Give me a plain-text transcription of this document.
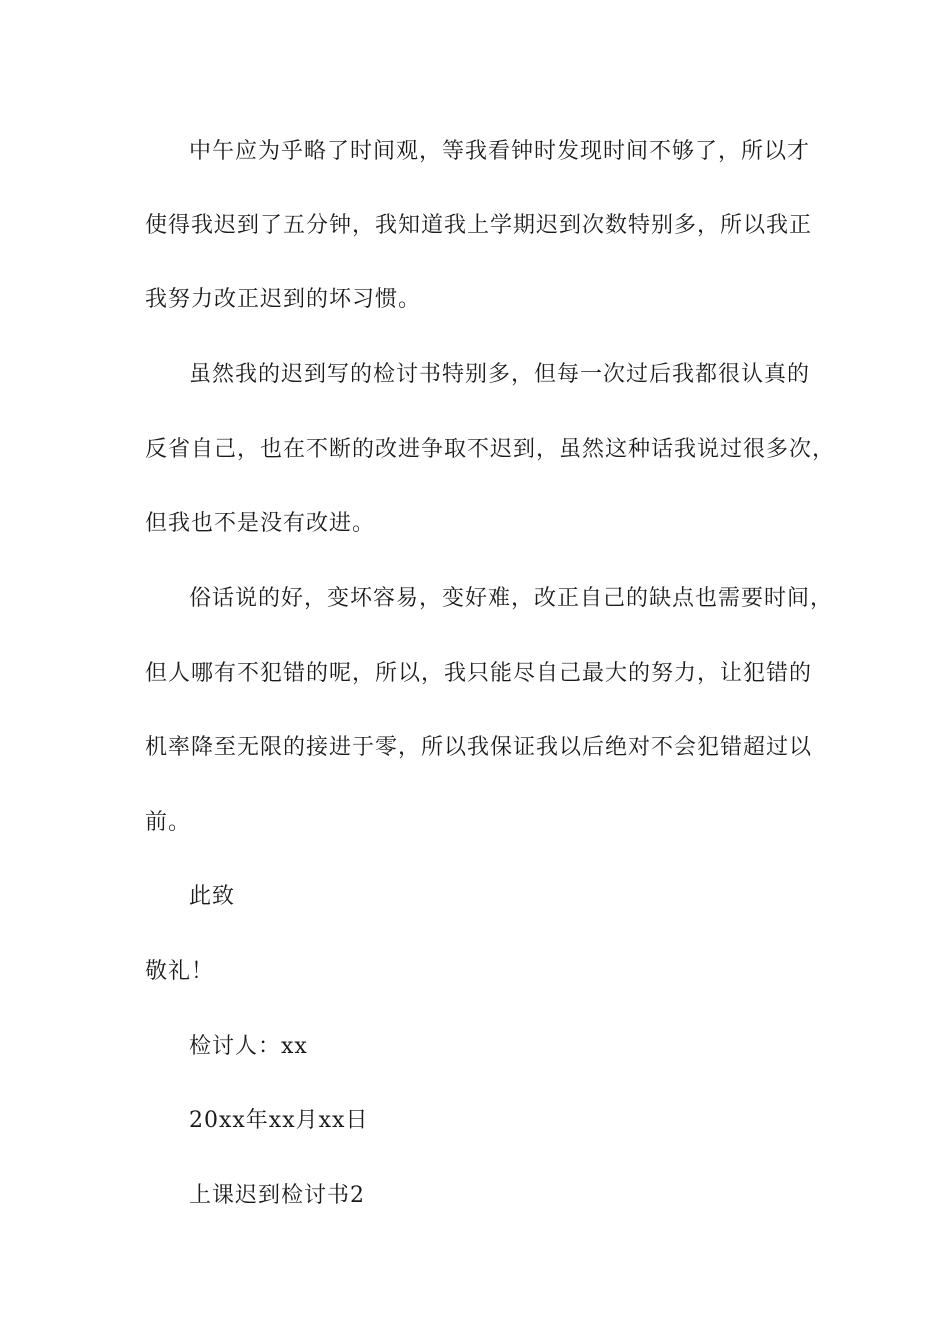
中午应为乎略了时间观，等我看钟时发现时间不够了，所以才
使得我迟到了五分钟，我知道我上学期迟到次数特别多，所以我正
我努力改正迟到的坏习惯。
虽然我的迟到写的检讨书特别多，但每一次过后我都很认真的
反省自己，也在不断的改进争取不迟到，虽然这种话我说过很多次，
但我也不是没有改进。
俗话说的好，变坏容易，变好难，改正自己的缺点也需要时间，
但人哪有不犯错的呢，所以，我只能尽自己最大的努力，让犯错的
机率降至无限的接进于零，所以我保证我以后绝对不会犯错超过以
前。
此致
敬礼！
检讨人：xx
20xx年xx月xx日
上课迟到检讨书2
